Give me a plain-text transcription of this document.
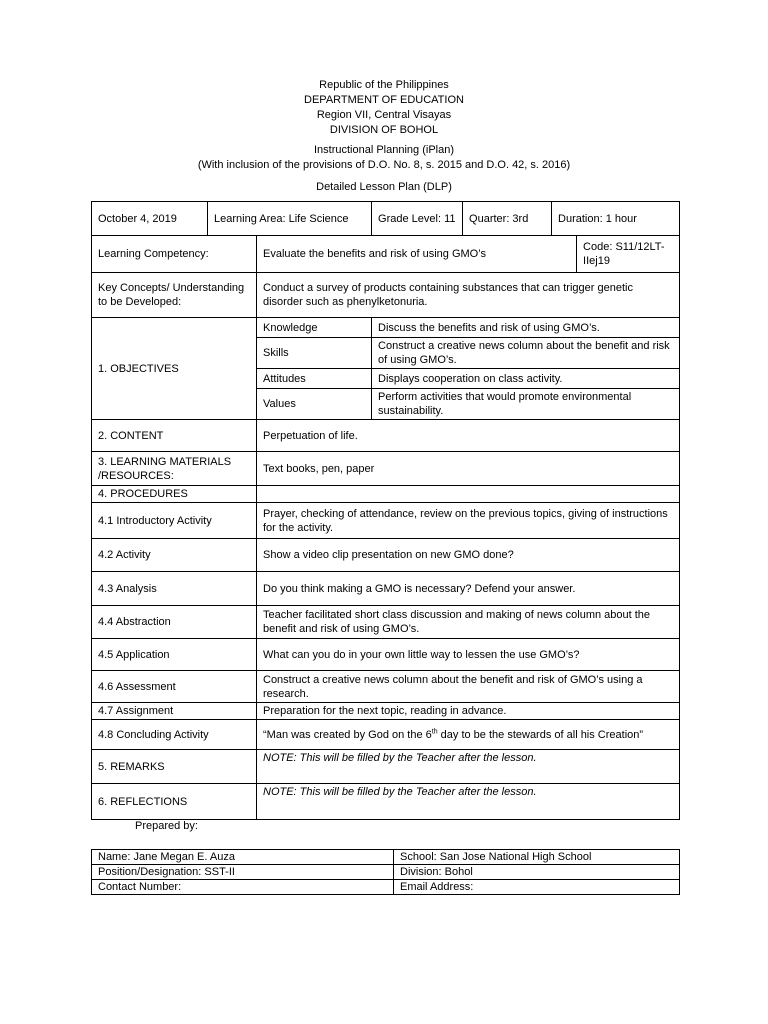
Republic of the Philippines
DEPARTMENT OF EDUCATION
Region VII, Central Visayas
DIVISION OF BOHOL
Instructional Planning (iPlan)
(With inclusion of the provisions of D.O. No. 8, s. 2015 and D.O. 42, s. 2016)
Detailed Lesson Plan (DLP)
October 4, 2019	Learning Area: Life Science		Grade Level: 11	Quarter: 3rd	Duration: 1 hour	
Learning Competency:		Evaluate the benefits and risk of using GMO’s				Code: S11/12LT-IIej19
Key Concepts/ Understanding to be Developed:		Conduct a survey of products containing substances that can trigger genetic disorder such as phenylketonuria.				
1. OBJECTIVES		Knowledge	Discuss the benefits and risk of using GMO’s.			
		Skills	Construct a creative news column about the benefit and risk of using GMO’s.			
		Attitudes	Displays cooperation on class activity.			
		Values	Perform activities that would promote environmental sustainability.			
2. CONTENT		Perpetuation of life.				
3. LEARNING MATERIALS /RESOURCES:		Text books, pen, paper				
4. PROCEDURES						
4.1 Introductory Activity		Prayer, checking of attendance, review on the previous topics, giving of instructions for the activity.				
4.2 Activity		Show a video clip presentation on new GMO done?				
4.3 Analysis		Do you think making a GMO is necessary? Defend your answer.				
4.4 Abstraction		Teacher facilitated short class discussion and making of news column about the benefit and risk of using GMO’s.				
4.5 Application		What can you do in your own little way to lessen the use GMO’s?				
4.6 Assessment		Construct a creative news column about the benefit and risk of GMO’s using a research.				
4.7 Assignment		Preparation for the next topic, reading in advance.				
4.8 Concluding Activity		“Man was created by God on the 6th day to be the stewards of all his Creation”				
5. REMARKS		NOTE: This will be filled by the Teacher after the lesson.				
6. REFLECTIONS		NOTE: This will be filled by the Teacher after the lesson.				
Prepared by:
Name: Jane Megan E. Auza	School: San Jose National High School
Position/Designation: SST-II	Division: Bohol
Contact Number:	Email Address:
